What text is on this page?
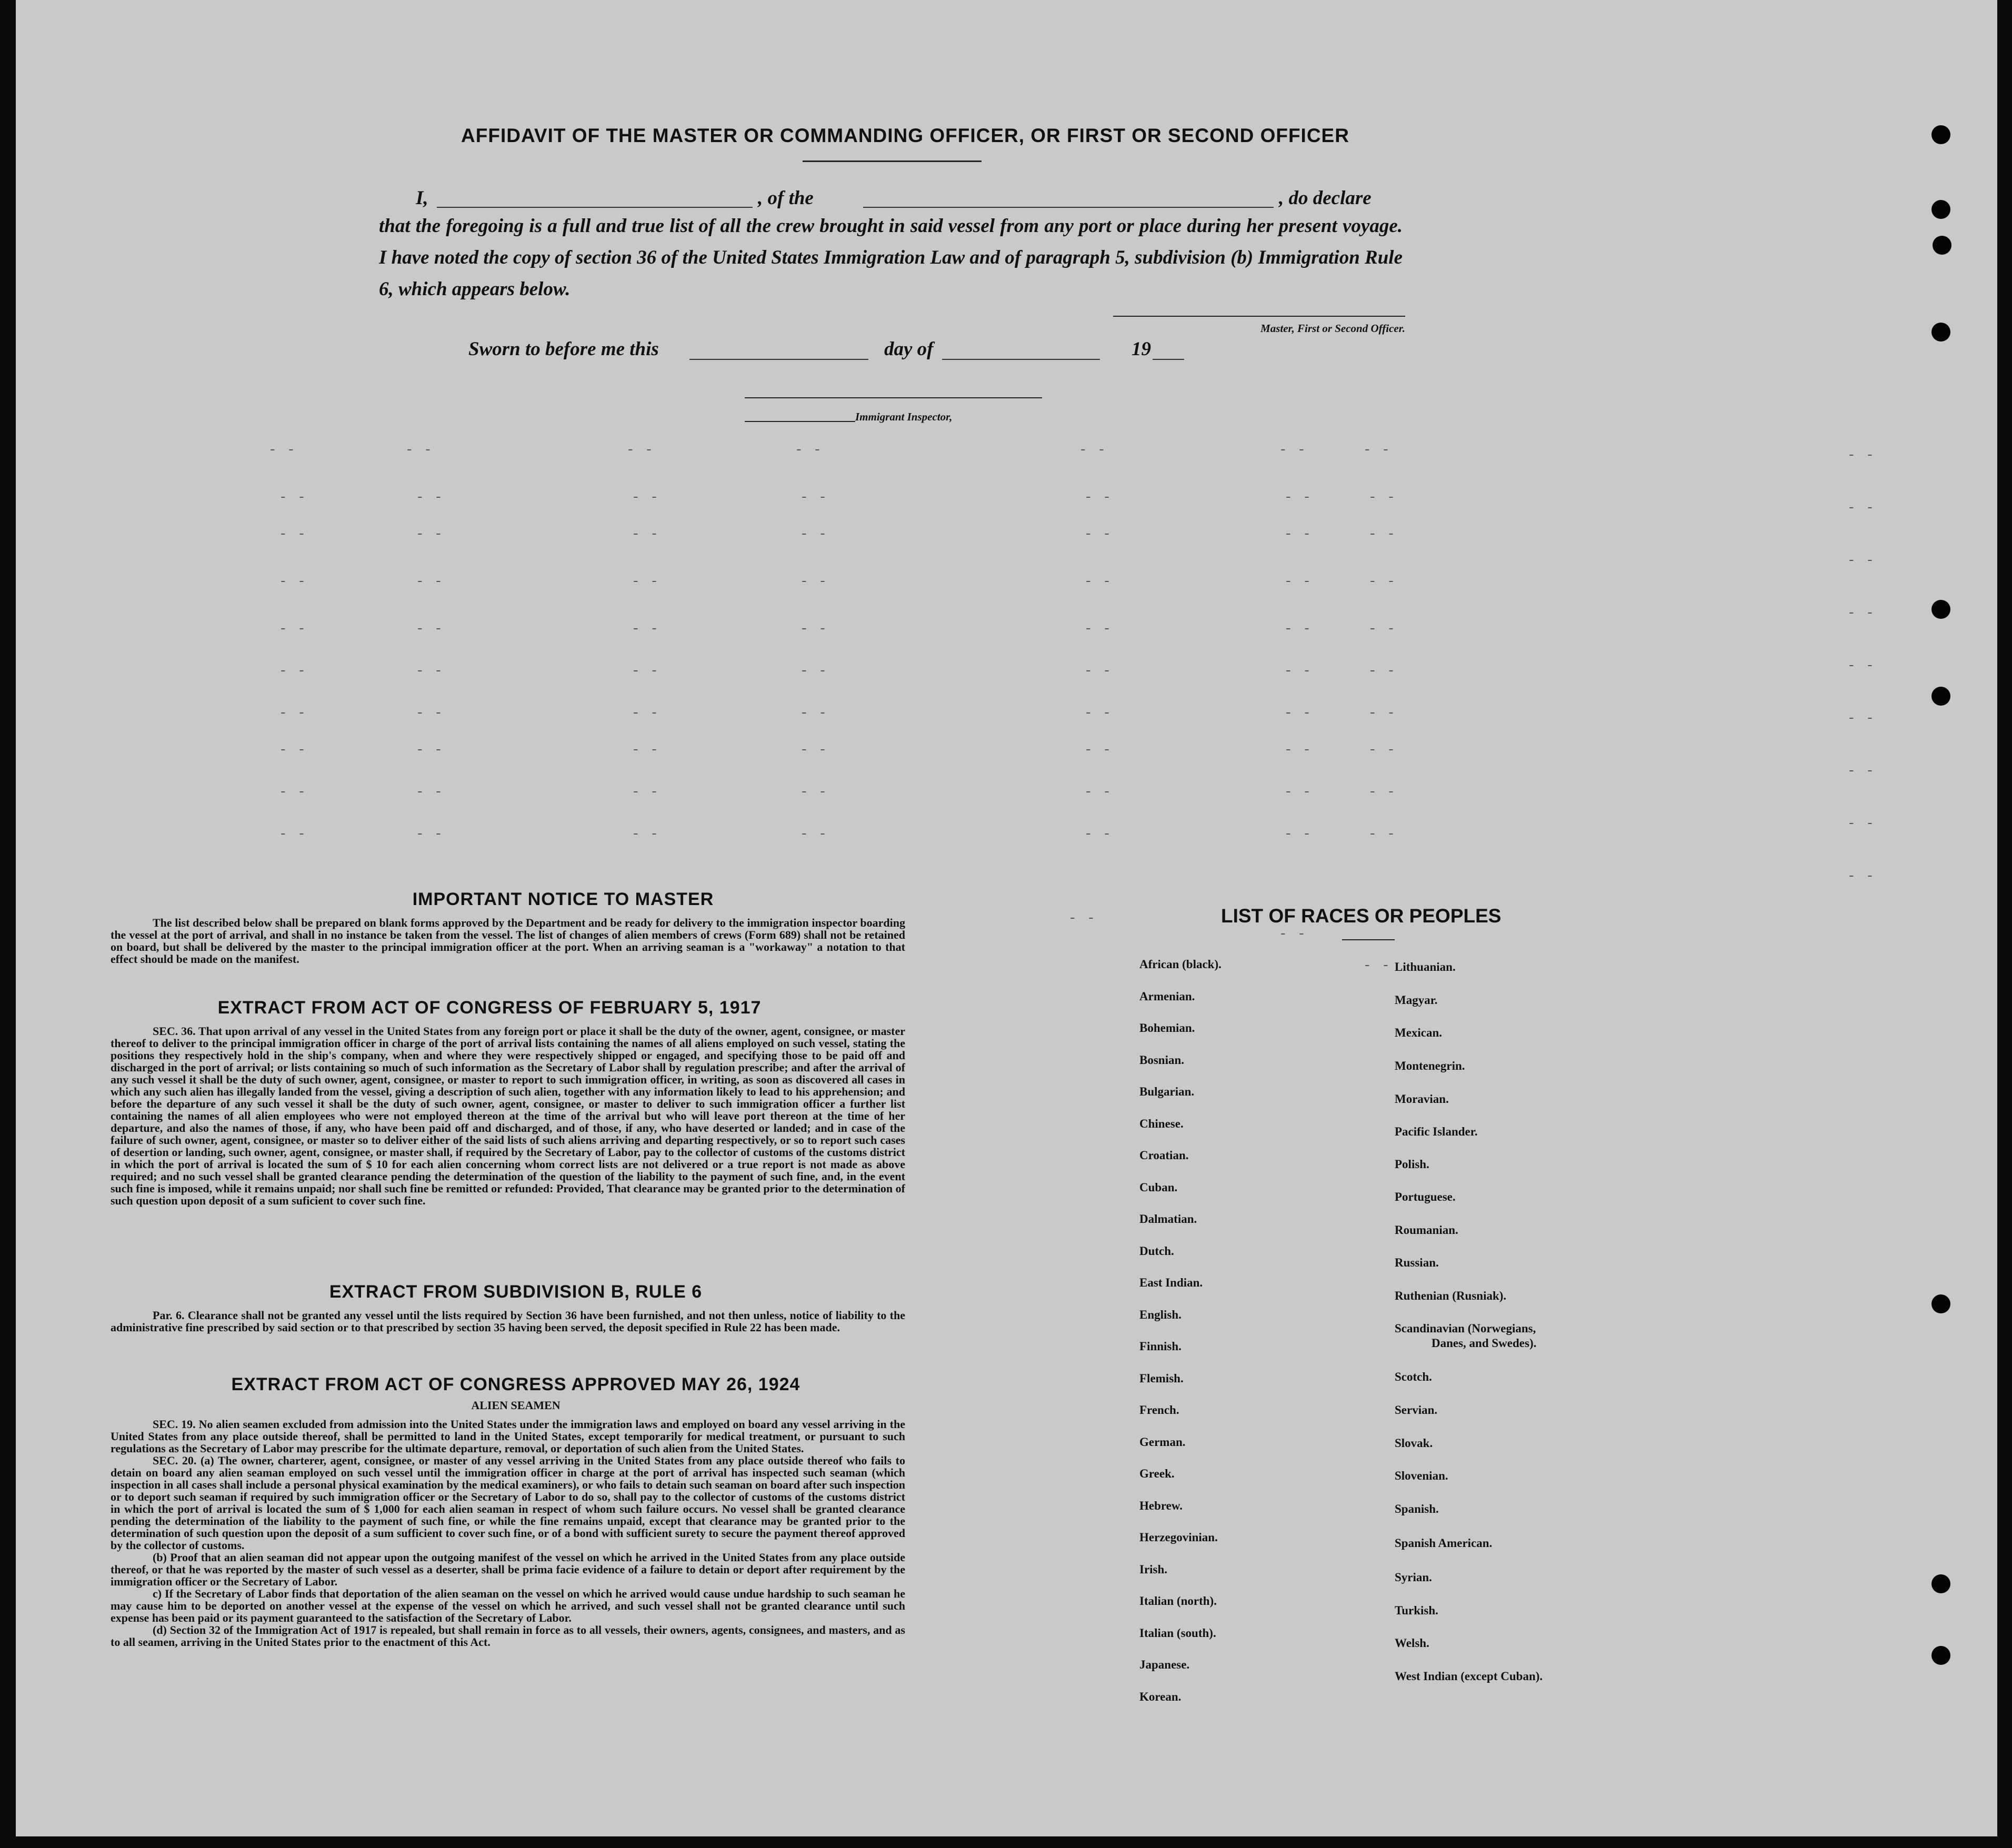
- -	- -	- -	- -	- -	- -	- -
- -	- -	- -	- -	- -	- -	- -
- -	- -	- -	- -	- -	- -	- -
- -	- -	- -	- -	- -	- -	- -
- -	- -	- -	- -	- -	- -	- -
- -	- -	- -	- -	- -	- -	- -
- -	- -	- -	- -	- -	- -	- -
- -	- -	- -	- -	- -	- -	- -
- -	- -	- -	- -	- -	- -	- -
- -	- -	- -	- -	- -	- -	- -
- -
- -
- -
- -
- -
- -
- -
- -
- -
- -
- -
- -
AFFIDAVIT OF THE MASTER OR COMMANDING OFFICER, OR FIRST OR SECOND OFFICER
I,	, of the	, do declare
that the foregoing is a full and true list of all the crew brought in said vessel from any port or place during her present voyage. I have noted the copy of section 36 of the United States Immigration Law and of paragraph 5, subdivision (b) Immigration Rule 6, which appears below.
Master, First or Second Officer.
Sworn to before me this	day of	19
Immigrant Inspector,
IMPORTANT NOTICE TO MASTER

The list described below shall be prepared on blank forms approved by the Department and be ready for delivery to the immigration inspector boarding the vessel at the port of arrival, and shall in no instance be taken from the vessel. The list of changes of alien members of crews (Form 689) shall not be retained on board, but shall be delivered by the master to the principal immigration officer at the port. When an arriving seaman is a "workaway" a notation to that effect should be made on the manifest.

EXTRACT FROM ACT OF CONGRESS OF FEBRUARY 5, 1917

SEC. 36. That upon arrival of any vessel in the United States from any foreign port or place it shall be the duty of the owner, agent, consignee, or master thereof to deliver to the principal immigration officer in charge of the port of arrival lists containing the names of all aliens employed on such vessel, stating the positions they respectively hold in the ship's company, when and where they were respectively shipped or engaged, and specifying those to be paid off and discharged in the port of arrival; or lists containing so much of such information as the Secretary of Labor shall by regulation prescribe; and after the arrival of any such vessel it shall be the duty of such owner, agent, consignee, or master to report to such immigration officer, in writing, as soon as discovered all cases in which any such alien has illegally landed from the vessel, giving a description of such alien, together with any information likely to lead to his apprehension; and before the departure of any such vessel it shall be the duty of such owner, agent, consignee, or master to deliver to such immigration officer a further list containing the names of all alien employees who were not employed thereon at the time of the arrival but who will leave port thereon at the time of her departure, and also the names of those, if any, who have been paid off and discharged, and of those, if any, who have deserted or landed; and in case of the failure of such owner, agent, consignee, or master so to deliver either of the said lists of such aliens arriving and departing respectively, or so to report such cases of desertion or landing, such owner, agent, consignee, or master shall, if required by the Secretary of Labor, pay to the collector of customs of the customs district in which the port of arrival is located the sum of $ 10 for each alien concerning whom correct lists are not delivered or a true report is not made as above required; and no such vessel shall be granted clearance pending the determination of the question of the liability to the payment of such fine, and, in the event such fine is imposed, while it remains unpaid; nor shall such fine be remitted or refunded: Provided, That clearance may be granted prior to the determination of such question upon deposit of a sum suficient to cover such fine.

EXTRACT FROM SUBDIVISION B, RULE 6

Par. 6. Clearance shall not be granted any vessel until the lists required by Section 36 have been furnished, and not then unless, notice of liability to the administrative fine prescribed by said section or to that prescribed by section 35 having been served, the deposit specified in Rule 22 has been made.

EXTRACT FROM ACT OF CONGRESS APPROVED MAY 26, 1924
ALIEN SEAMEN

SEC. 19. No alien seamen excluded from admission into the United States under the immigration laws and employed on board any vessel arriving in the United States from any place outside thereof, shall be permitted to land in the United States, except temporarily for medical treatment, or pursuant to such regulations as the Secretary of Labor may prescribe for the ultimate departure, removal, or deportation of such alien from the United States.

SEC. 20. (a) The owner, charterer, agent, consignee, or master of any vessel arriving in the United States from any place outside thereof who fails to detain on board any alien seaman employed on such vessel until the immigration officer in charge at the port of arrival has inspected such seaman (which inspection in all cases shall include a personal physical examination by the medical examiners), or who fails to detain such seaman on board after such inspection or to deport such seaman if required by such immigration officer or the Secretary of Labor to do so, shall pay to the collector of customs of the customs district in which the port of arrival is located the sum of $ 1,000 for each alien seaman in respect of whom such failure occurs. No vessel shall be granted clearance pending the determination of the liability to the payment of such fine, or while the fine remains unpaid, except that clearance may be granted prior to the determination of such question upon the deposit of a sum sufficient to cover such fine, or of a bond with sufficient surety to secure the payment thereof approved by the collector of customs.

(b) Proof that an alien seaman did not appear upon the outgoing manifest of the vessel on which he arrived in the United States from any place outside thereof, or that he was reported by the master of such vessel as a deserter, shall be prima facie evidence of a failure to detain or deport after requirement by the immigration officer or the Secretary of Labor.

c) If the Secretary of Labor finds that deportation of the alien seaman on the vessel on which he arrived would cause undue hardship to such seaman he may cause him to be deported on another vessel at the expense of the vessel on which he arrived, and such vessel shall not be granted clearance until such expense has been paid or its payment guaranteed to the satisfaction of the Secretary of Labor.

(d) Section 32 of the Immigration Act of 1917 is repealed, but shall remain in force as to all vessels, their owners, agents, consignees, and masters, and as to all seamen, arriving in the United States prior to the enactment of this Act.

LIST OF RACES OR PEOPLES
African (black).
Armenian.
Bohemian.
Bosnian.
Bulgarian.
Chinese.
Croatian.
Cuban.
Dalmatian.
Dutch.
East Indian.
English.
Finnish.
Flemish.
French.
German.
Greek.
Hebrew.
Herzegovinian.
Irish.
Italian (north).
Italian (south).
Japanese.
Korean.
Lithuanian.
Magyar.
Mexican.
Montenegrin.
Moravian.
Pacific Islander.
Polish.
Portuguese.
Roumanian.
Russian.
Ruthenian (Rusniak).
Scandinavian (Norwegians,
Danes, and Swedes).
Scotch.
Servian.
Slovak.
Slovenian.
Spanish.
Spanish American.
Syrian.
Turkish.
Welsh.
West Indian (except Cuban).
